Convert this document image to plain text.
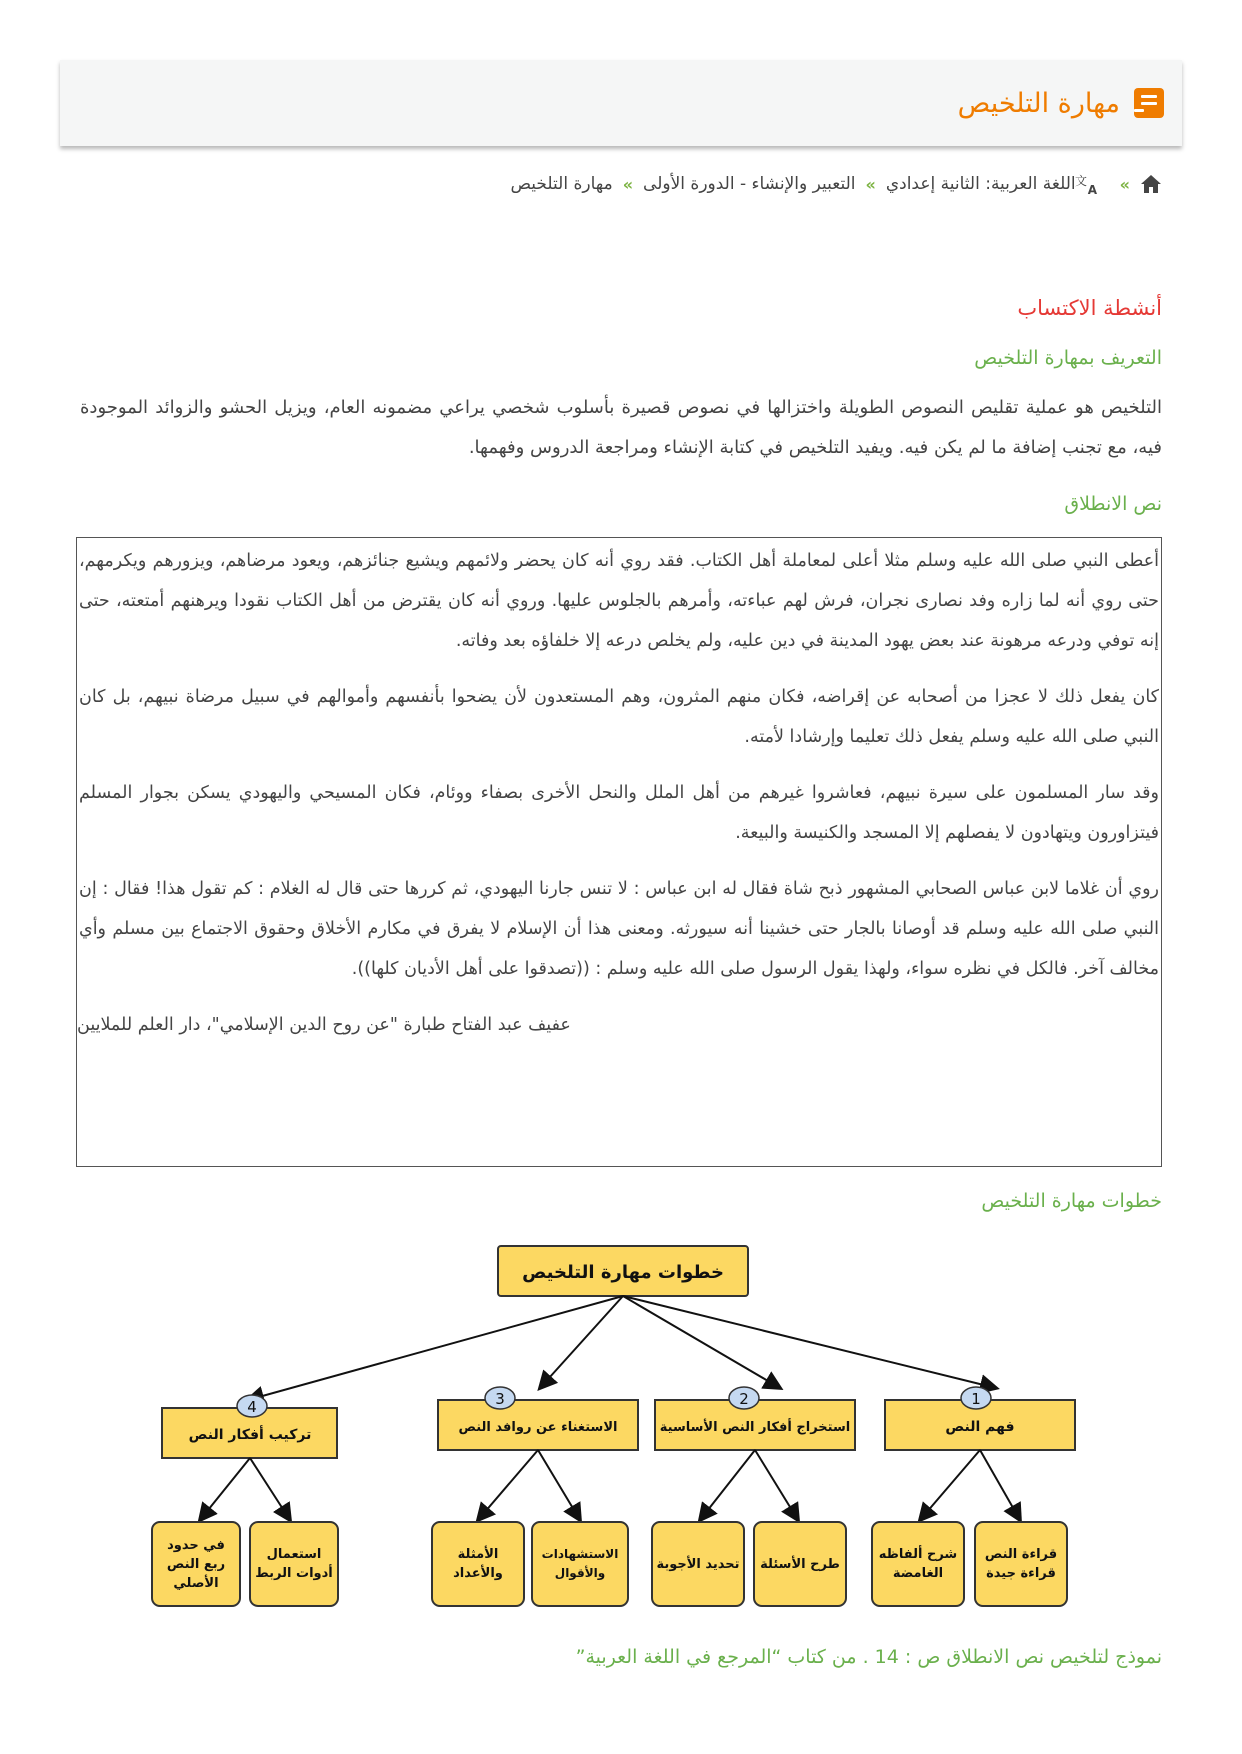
مهارة التلخيص
»
文
A
اللغة العربية: الثانية إعدادي
»
التعبير والإنشاء - الدورة الأولى
»
مهارة التلخيص
أنشطة الاكتساب
التعريف بمهارة التلخيص

التلخيص هو عملية تقليص النصوص الطويلة واختزالها في نصوص قصيرة بأسلوب شخصي يراعي مضمونه العام، ويزيل الحشو والزوائد الموجودة فيه، مع تجنب إضافة ما لم يكن فيه. ويفيد التلخيص في كتابة الإنشاء ومراجعة الدروس وفهمها.

نص الانطلاق

أعطى النبي صلى الله عليه وسلم مثلا أعلى لمعاملة أهل الكتاب. فقد روي أنه كان يحضر ولائمهم ويشيع جنائزهم، ويعود مرضاهم، ويزورهم ويكرمهم، حتى روي أنه لما زاره وفد نصارى نجران، فرش لهم عباءته، وأمرهم بالجلوس عليها. وروي أنه كان يقترض من أهل الكتاب نقودا ويرهنهم أمتعته، حتى إنه توفي ودرعه مرهونة عند بعض يهود المدينة في دين عليه، ولم يخلص درعه إلا خلفاؤه بعد وفاته.

كان يفعل ذلك لا عجزا من أصحابه عن إقراضه، فكان منهم المثرون، وهم المستعدون لأن يضحوا بأنفسهم وأموالهم في سبيل مرضاة نبيهم، بل كان النبي صلى الله عليه وسلم يفعل ذلك تعليما وإرشادا لأمته.

وقد سار المسلمون على سيرة نبيهم، فعاشروا غيرهم من أهل الملل والنحل الأخرى بصفاء ووئام، فكان المسيحي واليهودي يسكن بجوار المسلم فيتزاورون ويتهادون لا يفصلهم إلا المسجد والكنيسة والبيعة.

روي أن غلاما لابن عباس الصحابي المشهور ذبح شاة فقال له ابن عباس : لا تنس جارنا اليهودي، ثم كررها حتى قال له الغلام : كم تقول هذا! فقال : إن النبي صلى الله عليه وسلم قد أوصانا بالجار حتى خشينا أنه سيورثه. ومعنى هذا أن الإسلام لا يفرق في مكارم الأخلاق وحقوق الاجتماع بين مسلم وأي مخالف آخر. فالكل في نظره سواء، ولهذا يقول الرسول صلى الله عليه وسلم : ((تصدقوا على أهل الأديان كلها)).

عفيف عبد الفتاح طبارة "عن روح الدين الإسلامي"، دار العلم للملايين

خطوات مهارة التلخيص
خطوات مهارة التلخيص
فهم النص
1
استخراج أفكار النص الأساسية
2
الاستغناء عن روافد النص
3
تركيب أفكار النص
4
قراءة النص قراءة جيدة
شرح ألفاظه الغامضة
طرح الأسئلة
تحديد الأجوبة
الاستشهادات والأقوال
الأمثلة والأعداد
استعمال أدوات الربط
في حدود ربع النص الأصلي
نموذج لتلخيص نص الانطلاق ص : 14 . من كتاب “المرجع في اللغة العربية”
